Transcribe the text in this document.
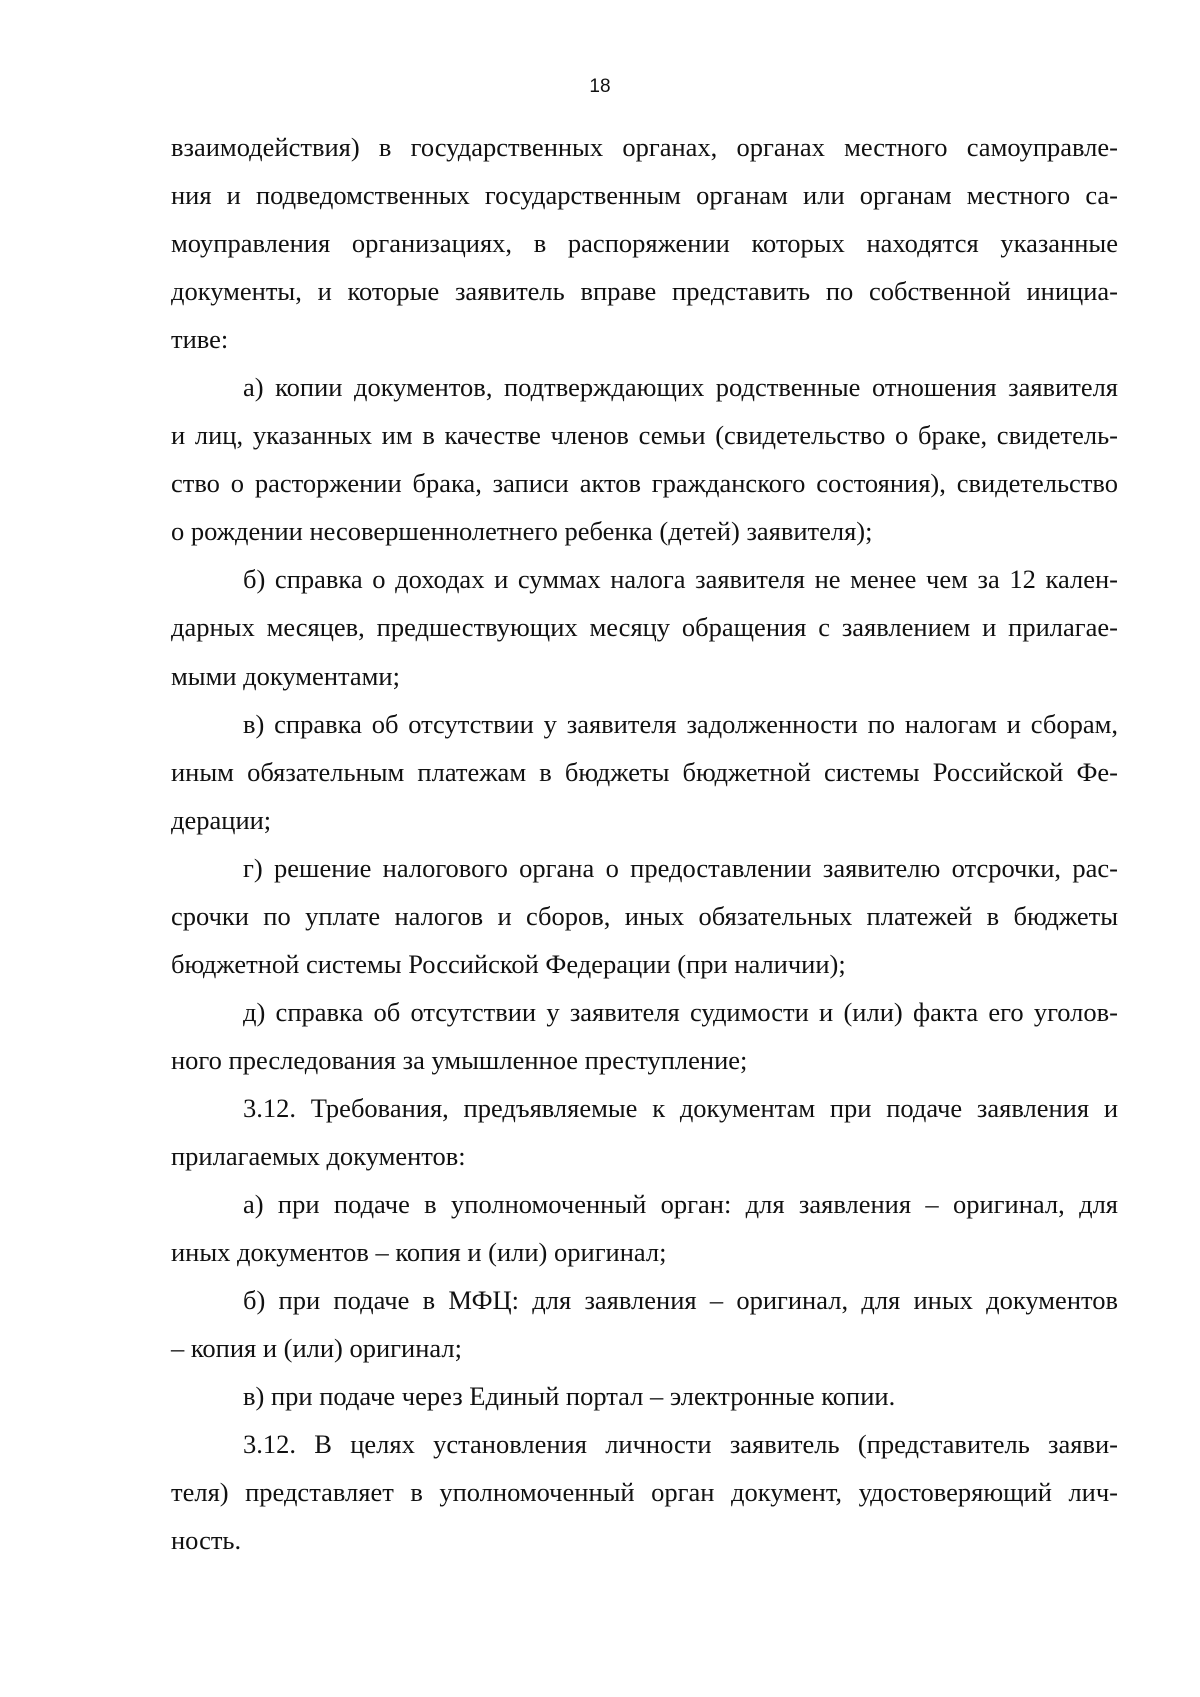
18
взаимодействия) в государственных органах, органах местного самоуправле-
ния и подведомственных государственным органам или органам местного са-
моуправления организациях, в распоряжении которых находятся указанные
документы, и которые заявитель вправе представить по собственной инициа-
тиве:
а) копии документов, подтверждающих родственные отношения заявителя
и лиц, указанных им в качестве членов семьи (свидетельство о браке, свидетель-
ство о расторжении брака, записи актов гражданского состояния), свидетельство
о рождении несовершеннолетнего ребенка (детей) заявителя);
б) справка о доходах и суммах налога заявителя не менее чем за 12 кален-
дарных месяцев, предшествующих месяцу обращения с заявлением и прилагае-
мыми документами;
в) справка об отсутствии у заявителя задолженности по налогам и сборам,
иным обязательным платежам в бюджеты бюджетной системы Российской Фе-
дерации;
г) решение налогового органа о предоставлении заявителю отсрочки, рас-
срочки по уплате налогов и сборов, иных обязательных платежей в бюджеты
бюджетной системы Российской Федерации (при наличии);
д) справка об отсутствии у заявителя судимости и (или) факта его уголов-
ного преследования за умышленное преступление;
3.12. Требования, предъявляемые к документам при подаче заявления и
прилагаемых документов:
а) при подаче в уполномоченный орган: для заявления – оригинал, для
иных документов – копия и (или) оригинал;
б) при подаче в МФЦ: для заявления – оригинал, для иных документов
– копия и (или) оригинал;
в) при подаче через Единый портал – электронные копии.
3.12. В целях установления личности заявитель (представитель заяви-
теля) представляет в уполномоченный орган документ, удостоверяющий лич-
ность.
